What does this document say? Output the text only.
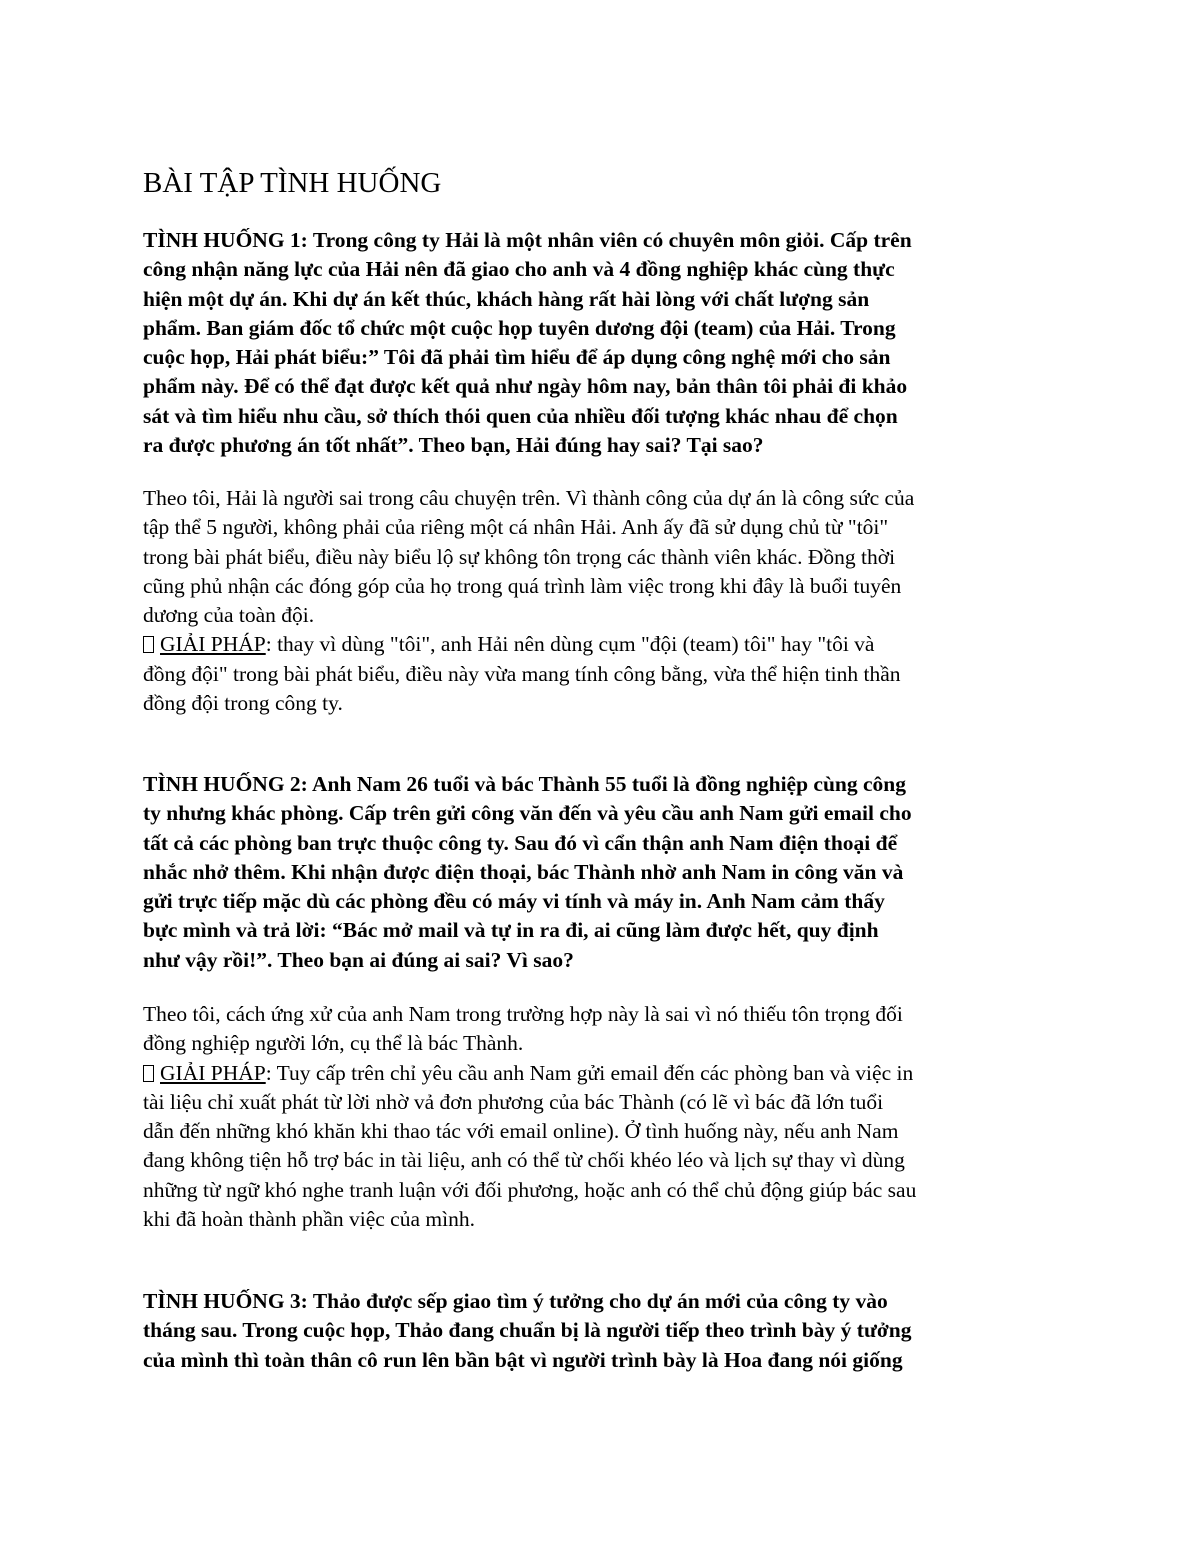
BÀI TẬP TÌNH HUỐNG
TÌNH HUỐNG 1: Trong công ty Hải là một nhân viên có chuyên môn giỏi. Cấp trên
công nhận năng lực của Hải nên đã giao cho anh và 4 đồng nghiệp khác cùng thực
hiện một dự án. Khi dự án kết thúc, khách hàng rất hài lòng với chất lượng sản
phẩm. Ban giám đốc tổ chức một cuộc họp tuyên dương đội (team) của Hải. Trong
cuộc họp, Hải phát biểu:” Tôi đã phải tìm hiểu để áp dụng công nghệ mới cho sản
phẩm này. Để có thể đạt được kết quả như ngày hôm nay, bản thân tôi phải đi khảo
sát và tìm hiểu nhu cầu, sở thích thói quen của nhiều đối tượng khác nhau để chọn
ra được phương án tốt nhất”. Theo bạn, Hải đúng hay sai? Tại sao?
Theo tôi, Hải là người sai trong câu chuyện trên. Vì thành công của dự án là công sức của
tập thể 5 người, không phải của riêng một cá nhân Hải. Anh ấy đã sử dụng chủ từ "tôi"
trong bài phát biểu, điều này biểu lộ sự không tôn trọng các thành viên khác. Đồng thời
cũng phủ nhận các đóng góp của họ trong quá trình làm việc trong khi đây là buổi tuyên
dương của toàn đội.
GIẢI PHÁP: thay vì dùng "tôi", anh Hải nên dùng cụm "đội (team) tôi" hay "tôi và
đồng đội" trong bài phát biểu, điều này vừa mang tính công bằng, vừa thể hiện tinh thần
đồng đội trong công ty.
TÌNH HUỐNG 2: Anh Nam 26 tuổi và bác Thành 55 tuổi là đồng nghiệp cùng công
ty nhưng khác phòng. Cấp trên gửi công văn đến và yêu cầu anh Nam gửi email cho
tất cả các phòng ban trực thuộc công ty. Sau đó vì cẩn thận anh Nam điện thoại để
nhắc nhở thêm. Khi nhận được điện thoại, bác Thành nhờ anh Nam in công văn và
gửi trực tiếp mặc dù các phòng đều có máy vi tính và máy in. Anh Nam cảm thấy
bực mình và trả lời: “Bác mở mail và tự in ra đi, ai cũng làm được hết, quy định
như vậy rồi!”. Theo bạn ai đúng ai sai? Vì sao?
Theo tôi, cách ứng xử của anh Nam trong trường hợp này là sai vì nó thiếu tôn trọng đối
đồng nghiệp người lớn, cụ thể là bác Thành.
GIẢI PHÁP: Tuy cấp trên chỉ yêu cầu anh Nam gửi email đến các phòng ban và việc in
tài liệu chỉ xuất phát từ lời nhờ vả đơn phương của bác Thành (có lẽ vì bác đã lớn tuổi
dẫn đến những khó khăn khi thao tác với email online). Ở tình huống này, nếu anh Nam
đang không tiện hỗ trợ bác in tài liệu, anh có thể từ chối khéo léo và lịch sự thay vì dùng
những từ ngữ khó nghe tranh luận với đối phương, hoặc anh có thể chủ động giúp bác sau
khi đã hoàn thành phần việc của mình.
TÌNH HUỐNG 3: Thảo được sếp giao tìm ý tưởng cho dự án mới của công ty vào
tháng sau. Trong cuộc họp, Thảo đang chuẩn bị là người tiếp theo trình bày ý tưởng
của mình thì toàn thân cô run lên bần bật vì người trình bày là Hoa đang nói giống
